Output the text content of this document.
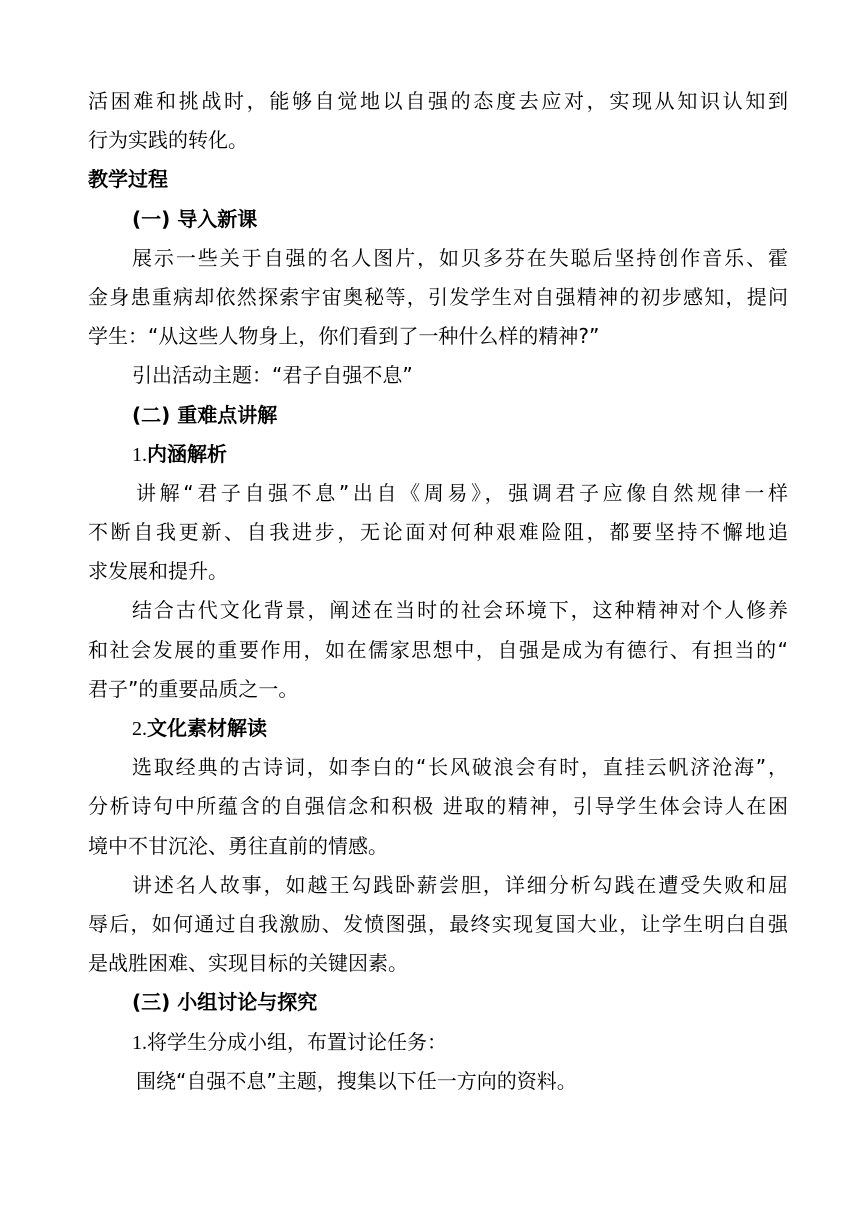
活困难和挑战时，能够自觉地以自强的态度去应对，实现从知识认知到
行为实践的转化。
教学过程
(一) 导入新课
展示一些关于自强的名人图片，如贝多芬在失聪后坚持创作音乐、霍
金身患重病却依然探索宇宙奥秘等，引发学生对自强精神的初步感知，提问
学生：“从这些人物身上，你们看到了一种什么样的精神?”
引出活动主题：“君子自强不息”
(二) 重难点讲解
1.内涵解析
讲解“君子自强不息”出自《周易》，强调君子应像自然规律一样
不断自我更新、自我进步，无论面对何种艰难险阻，都要坚持不懈地追
求发展和提升。
结合古代文化背景，阐述在当时的社会环境下，这种精神对个人修养
和社会发展的重要作用，如在儒家思想中，自强是成为有德行、有担当的“
君子”的重要品质之一。
2.文化素材解读
选取经典的古诗词，如李白的“长风破浪会有时，直挂云帆济沧海”，
分析诗句中所蕴含的自强信念和积极 进取的精神，引导学生体会诗人在困
境中不甘沉沦、勇往直前的情感。
讲述名人故事，如越王勾践卧薪尝胆，详细分析勾践在遭受失败和屈
辱后，如何通过自我激励、发愤图强，最终实现复国大业，让学生明白自强
是战胜困难、实现目标的关键因素。
(三) 小组讨论与探究
1.将学生分成小组，布置讨论任务：
围绕“自强不息”主题，搜集以下任一方向的资料。
